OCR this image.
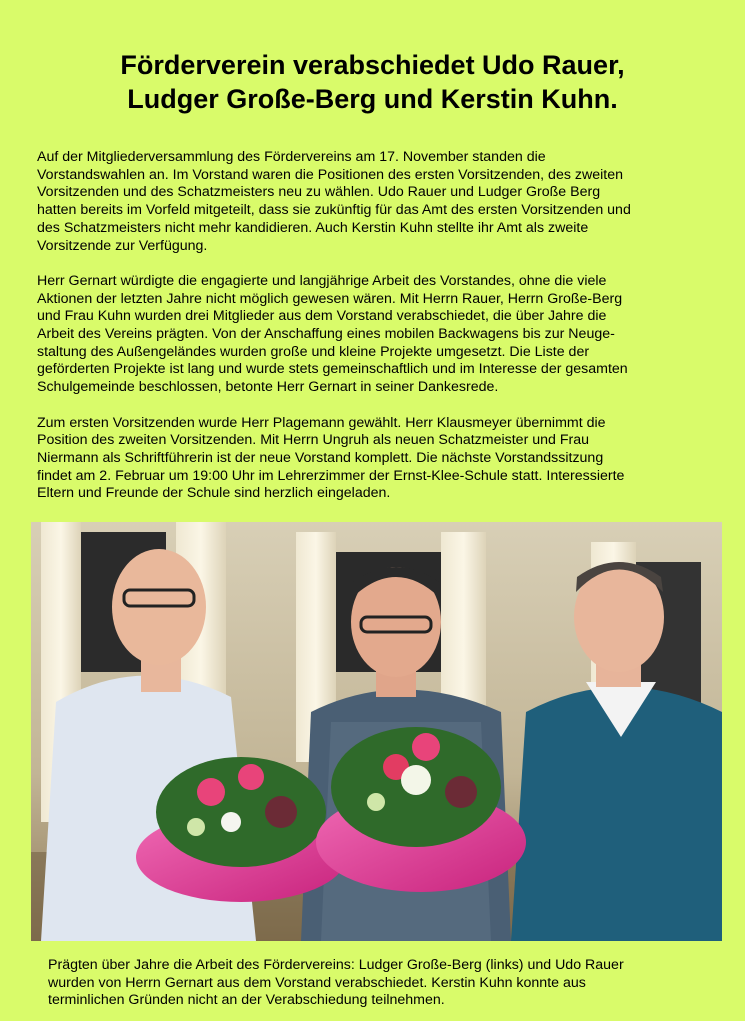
Förderverein verabschiedet Udo Rauer,
Ludger Große-Berg und Kerstin Kuhn.
Auf der Mitgliederversammlung des Fördervereins am 17. November standen die
Vorstandswahlen an. Im Vorstand waren die Positionen des ersten Vorsitzenden, des zweiten
Vorsitzenden und des Schatzmeisters neu zu wählen. Udo Rauer und Ludger Große Berg
hatten bereits im Vorfeld mitgeteilt, dass sie zukünftig für das Amt des ersten Vorsitzenden und
des Schatzmeisters nicht mehr kandidieren. Auch Kerstin Kuhn stellte ihr Amt als zweite
Vorsitzende zur Verfügung.
Herr Gernart würdigte die engagierte und langjährige Arbeit des Vorstandes, ohne die viele
Aktionen der letzten Jahre nicht möglich gewesen wären. Mit Herrn Rauer, Herrn Große-Berg
und Frau Kuhn wurden drei Mitglieder aus dem Vorstand verabschiedet, die über Jahre die
Arbeit des Vereins prägten. Von der Anschaffung eines mobilen Backwagens bis zur Neuge-
staltung des Außengeländes wurden große und kleine Projekte umgesetzt. Die Liste der
geförderten Projekte ist lang und wurde stets gemeinschaftlich und im Interesse der gesamten
Schulgemeinde beschlossen, betonte Herr Gernart in seiner Dankesrede.
Zum ersten Vorsitzenden wurde Herr Plagemann gewählt. Herr Klausmeyer übernimmt die
Position des zweiten Vorsitzenden. Mit Herrn Ungruh als neuen Schatzmeister und Frau
Niermann als Schriftführerin ist der neue Vorstand komplett. Die nächste Vorstandssitzung
findet am 2. Februar um 19:00 Uhr im Lehrerzimmer der Ernst-Klee-Schule statt. Interessierte
Eltern und Freunde der Schule sind herzlich eingeladen.
Prägten über Jahre die Arbeit des Fördervereins: Ludger Große-Berg (links) und Udo Rauer
wurden von Herrn Gernart aus dem Vorstand verabschiedet. Kerstin Kuhn konnte aus
terminlichen Gründen nicht an der Verabschiedung teilnehmen.
